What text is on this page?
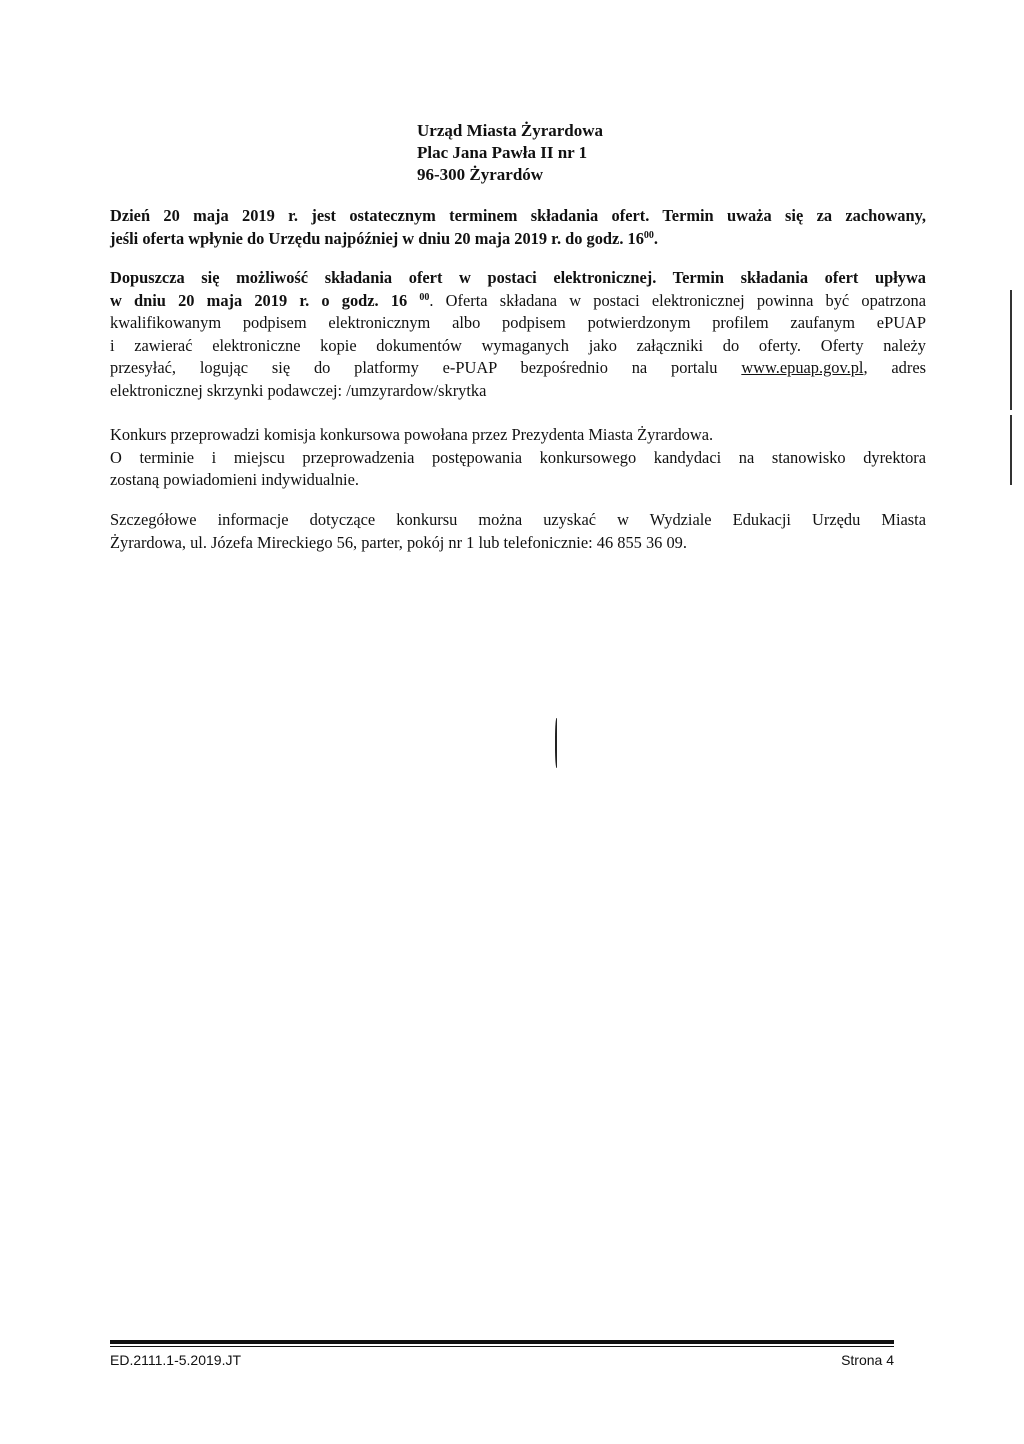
Urząd Miasta Żyrardowa
Plac Jana Pawła II nr 1
96-300 Żyrardów
Dzień 20 maja 2019 r. jest ostatecznym terminem składania ofert. Termin uważa się za zachowany,
jeśli oferta wpłynie do Urzędu najpóźniej w dniu 20 maja 2019 r. do godz. $16^{00}$.
Dopuszcza się możliwość składania ofert w postaci elektronicznej. Termin składania ofert upływa
w dniu 20 maja 2019 r. o godz. 16 $^{00}$. Oferta składana w postaci elektronicznej powinna być opatrzona
kwalifikowanym podpisem elektronicznym albo podpisem potwierdzonym profilem zaufanym ePUAP
i zawierać elektroniczne kopie dokumentów wymaganych jako załączniki do oferty. Oferty należy
przesyłać, logując się do platformy e-PUAP bezpośrednio na portalu www.epuap.gov.pl, adres
elektronicznej skrzynki podawczej: /umzyrardow/skrytka
Konkurs przeprowadzi komisja konkursowa powołana przez Prezydenta Miasta Żyrardowa.
O terminie i miejscu przeprowadzenia postępowania konkursowego kandydaci na stanowisko dyrektora
zostaną powiadomieni indywidualnie.
Szczegółowe informacje dotyczące konkursu można uzyskać w Wydziale Edukacji Urzędu Miasta
Żyrardowa, ul. Józefa Mireckiego 56, parter, pokój nr 1 lub telefonicznie: 46 855 36 09.
ED.2111.1-5.2019.JT	Strona 4
